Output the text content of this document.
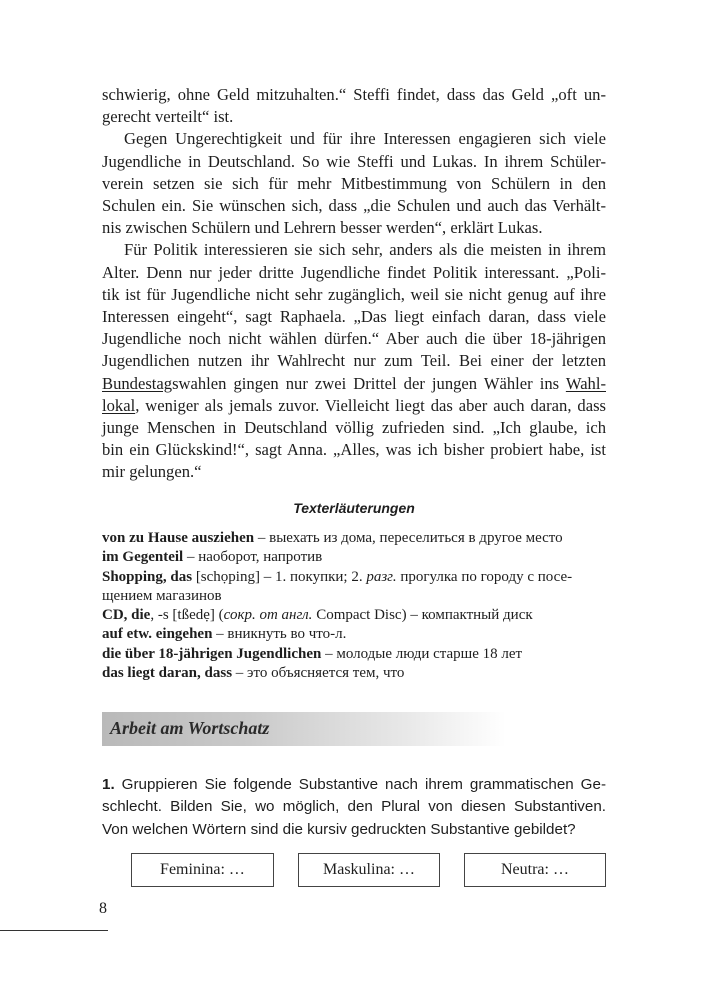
schwierig, ohne Geld mitzuhalten.“ Steffi findet, dass das Geld „oft un-
gerecht verteilt“ ist.
Gegen Ungerechtigkeit und für ihre Interessen engagieren sich viele
Jugendliche in Deutschland. So wie Steffi und Lukas. In ihrem Schüler-
verein setzen sie sich für mehr Mitbestimmung von Schülern in den
Schulen ein. Sie wünschen sich, dass „die Schulen und auch das Verhält-
nis zwischen Schülern und Lehrern besser werden“, erklärt Lukas.
Für Politik interessieren sie sich sehr, anders als die meisten in ihrem
Alter. Denn nur jeder dritte Jugendliche findet Politik interessant. „Poli-
tik ist für Jugendliche nicht sehr zugänglich, weil sie nicht genug auf ihre
Interessen eingeht“, sagt Raphaela. „Das liegt einfach daran, dass viele
Jugendliche noch nicht wählen dürfen.“ Aber auch die über 18-jährigen
Jugendlichen nutzen ihr Wahlrecht nur zum Teil. Bei einer der letzten
Bundestagswahlen gingen nur zwei Drittel der jungen Wähler ins Wahl-
lokal, weniger als jemals zuvor. Vielleicht liegt das aber auch daran, dass
junge Menschen in Deutschland völlig zufrieden sind. „Ich glaube, ich
bin ein Glückskind!“, sagt Anna. „Alles, was ich bisher probiert habe, ist
mir gelungen.“
Texterläuterungen
von zu Hause ausziehen – выехать из дома, переселиться в другое место
im Gegenteil – наоборот, напротив
Shopping, das [schọping] – 1. покупки; 2. разг. прогулка по городу с посе-
щением магазинов
CD, die, -s [tßedẹ] (сокр. от англ. Compact Disc) – компактный диск
auf etw. eingehen – вникнуть во что-л.
die über 18-jährigen Jugendlichen – молодые люди старше 18 лет
das liegt daran, dass – это объясняется тем, что
Arbeit am Wortschatz
1. Gruppieren Sie folgende Substantive nach ihrem grammatischen Ge-
schlecht. Bilden Sie, wo möglich, den Plural von diesen Substantiven.
Von welchen Wörtern sind die kursiv gedruckten Substantive gebildet?
Feminina: …	Maskulina: …	Neutra: …
8
